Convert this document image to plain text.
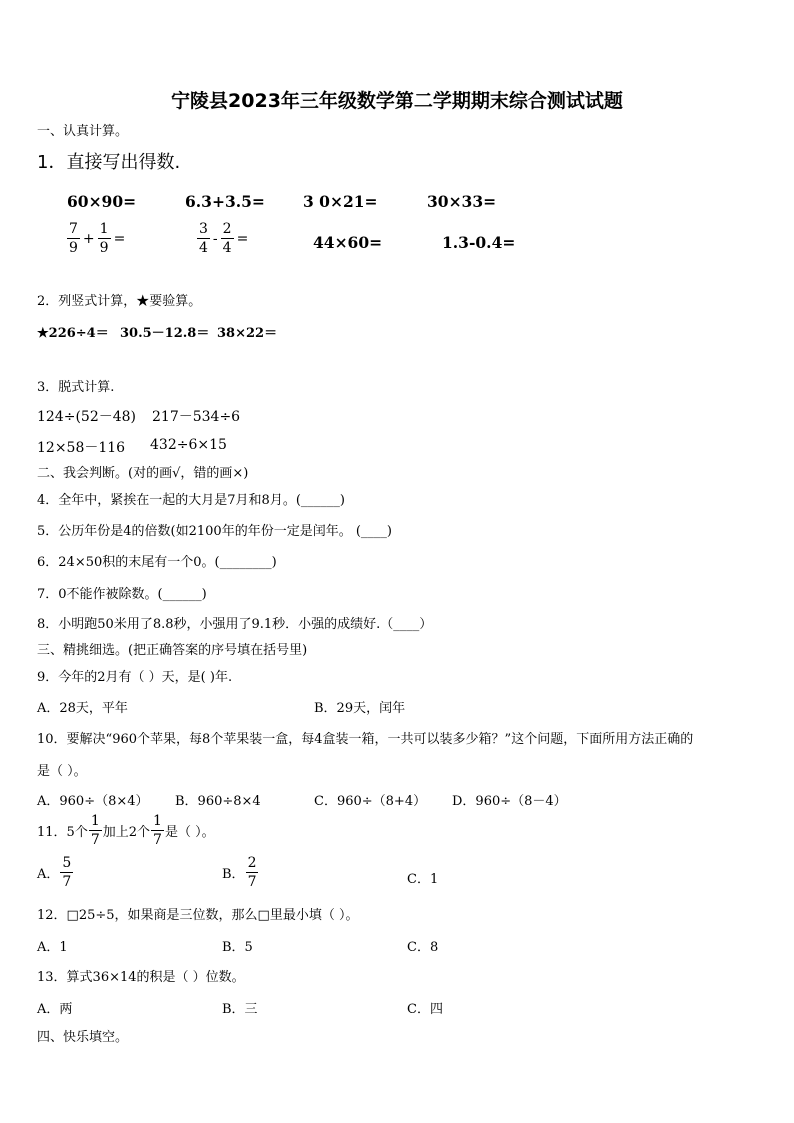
宁陵县2023年三年级数学第二学期期末综合测试试题
一、认真计算。
1．直接写出得数.
60×90=	6.3+3.5= 3 0×21=	30×33=
$\frac{7}{9} + \frac{1}{9}$ =	$\frac{3}{4} - \frac{2}{4}$ =	44×60=	1.3-0.4=
2．列竖式计算，★要验算。
★226÷4＝ 30.5－12.8＝ 38×22＝
3．脱式计算.
124÷(52－48) 217－534÷6
12×58－116 432÷6×15
二、我会判断。(对的画√，错的画×)
4．全年中，紧挨在一起的大月是7月和8月。(______)
5．公历年份是4的倍数(如2100年的年份一定是闰年。 (____)
6．24×50积的末尾有一个0。(________)
7．0不能作被除数。(______)
8．小明跑50米用了8.8秒，小强用了9.1秒．小强的成绩好.（____）
三、精挑细选。(把正确答案的序号填在括号里)
9．今年的2月有（ ）天，是( )年.
A．28天，平年	B．29天，闰年
10．要解决“960个苹果，每8个苹果装一盒，每4盒装一箱，一共可以装多少箱？”这个问题，下面所用方法正确的
是（ ）。
A．960÷（8×4） B．960÷8×4	C．960÷（8+4） D．960÷（8－4）
11．5个 $\frac{1}{7}$ 加上2个 $\frac{1}{7}$ 是（ ）。
A． $\frac{5}{7}$	B． $\frac{2}{7}$	C．1
12．□25÷5，如果商是三位数，那么□里最小填（ ）。
A．1	B．5	C．8
13．算式36×14的积是（ ）位数。
A．两	B．三	C．四
四、快乐填空。
